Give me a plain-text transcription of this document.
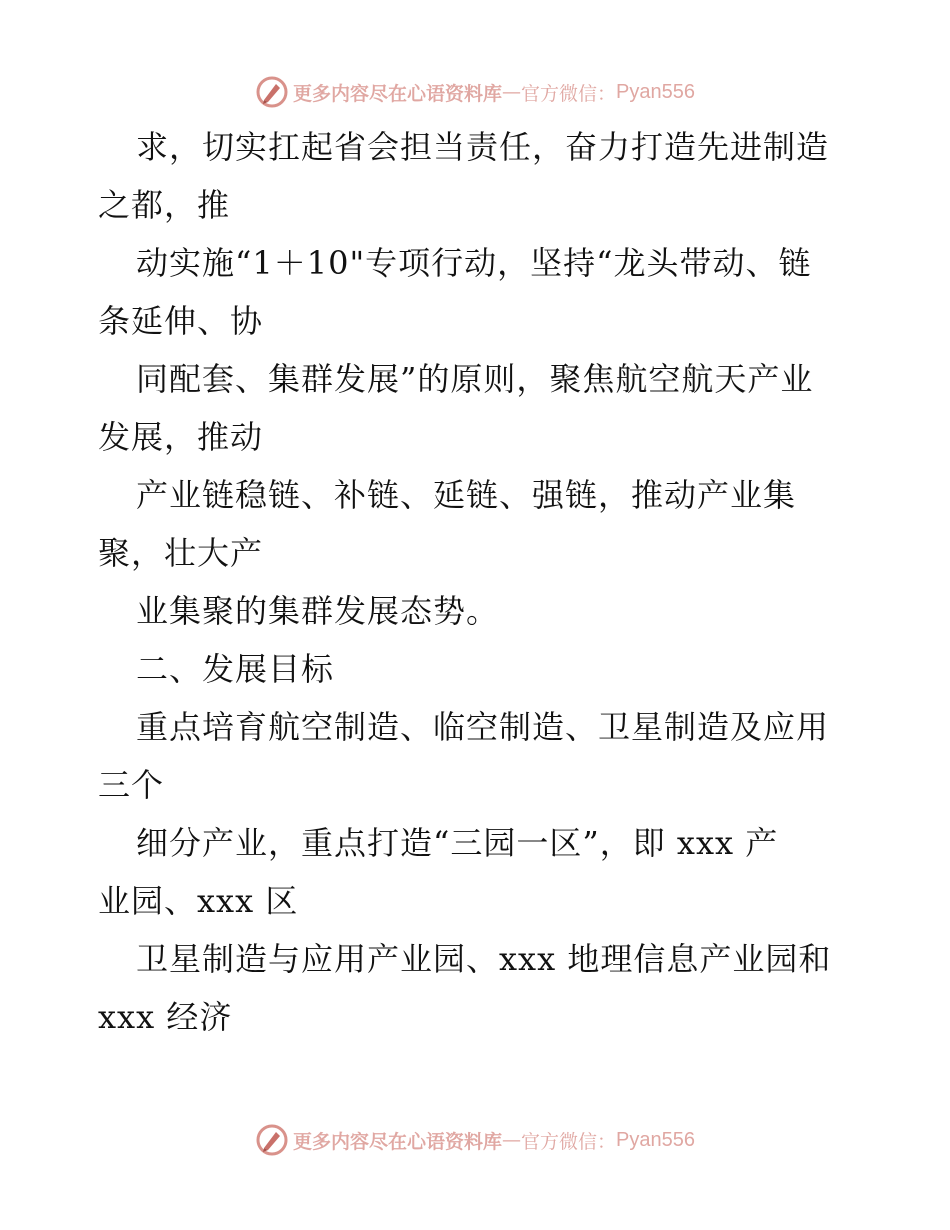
更多内容尽在心语资料库 — 官方微信： Pyan556
求，切实扛起省会担当责任，奋力打造先进制造
之都，推
动实施“1＋10"专项行动，坚持“龙头带动、链
条延伸、协
同配套、集群发展”的原则，聚焦航空航天产业
发展，推动
产业链稳链、补链、延链、强链，推动产业集
聚，壮大产
业集聚的集群发展态势。
二、发展目标
重点培育航空制造、临空制造、卫星制造及应用
三个
细分产业，重点打造“三园一区”，即 xxx 产
业园、xxx 区
卫星制造与应用产业园、xxx 地理信息产业园和
xxx 经济
更多内容尽在心语资料库 — 官方微信： Pyan556
